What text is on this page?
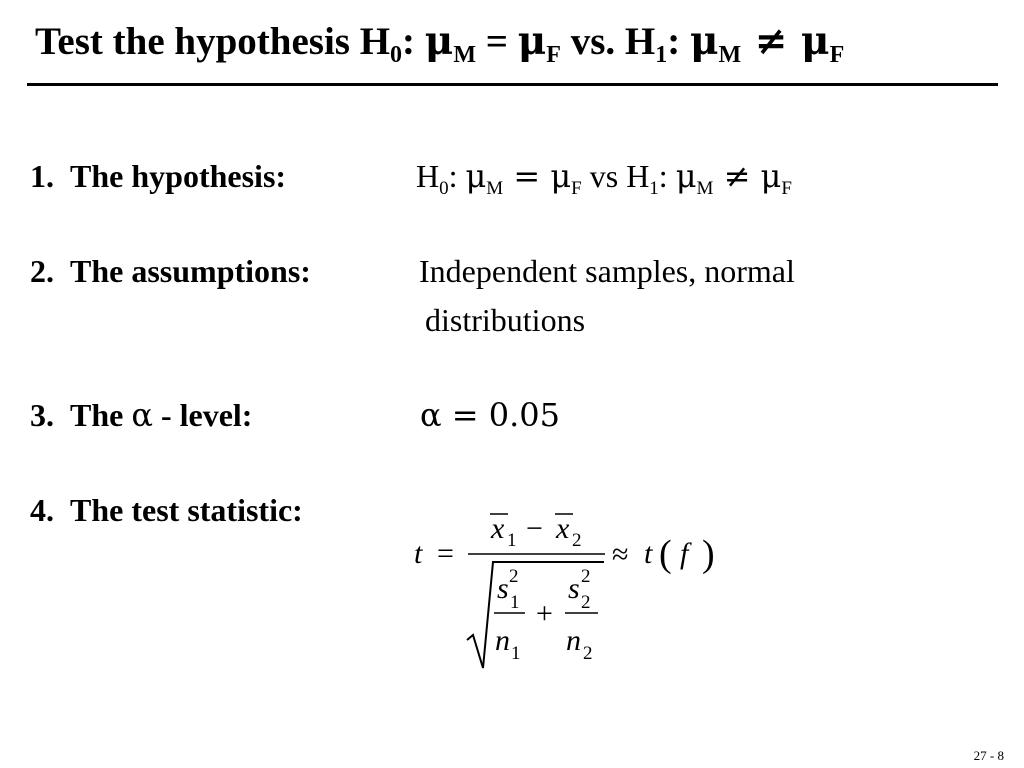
Test the hypothesis $H_0$: $\mu_M = \mu_F$ vs. $H_1$: $\mu_M \ne \mu_F$
1. The hypothesis:	$H_0$: $\mu_M = \mu_F$ vs $H_1$: $\mu_M \ne \mu_F$
2. The assumptions:	Independent samples, normal
distributions
3. The α - level:	α = 0.05
4. The test statistic:
t =
x 1 − x 2
s 2
1
n 1
+
s 2
2
n 2
≈ t ( f )
27 - 8
